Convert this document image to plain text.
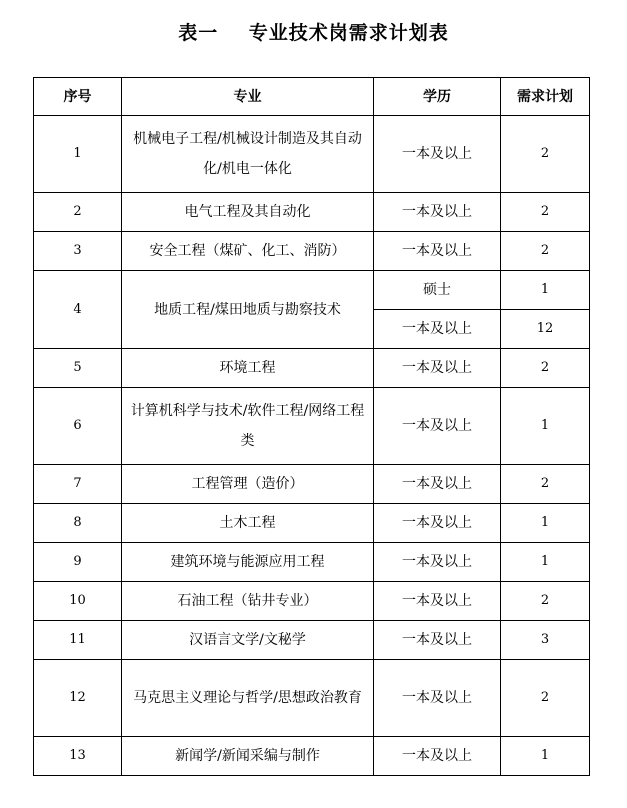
表一    专业技术岗需求计划表
序号	专业	学历	需求计划
1	机械电子工程/机械设计制造及其自动化/机电一体化	一本及以上	2
2	电气工程及其自动化	一本及以上	2
3	安全工程（煤矿、化工、消防）	一本及以上	2
4	地质工程/煤田地质与勘察技术	硕士	1
		一本及以上	12
5	环境工程	一本及以上	2
6	计算机科学与技术/软件工程/网络工程类	一本及以上	1
7	工程管理（造价）	一本及以上	2
8	土木工程	一本及以上	1
9	建筑环境与能源应用工程	一本及以上	1
10	石油工程（钻井专业）	一本及以上	2
11	汉语言文学/文秘学	一本及以上	3
12	马克思主义理论与哲学/思想政治教育	一本及以上	2
13	新闻学/新闻采编与制作	一本及以上	1
